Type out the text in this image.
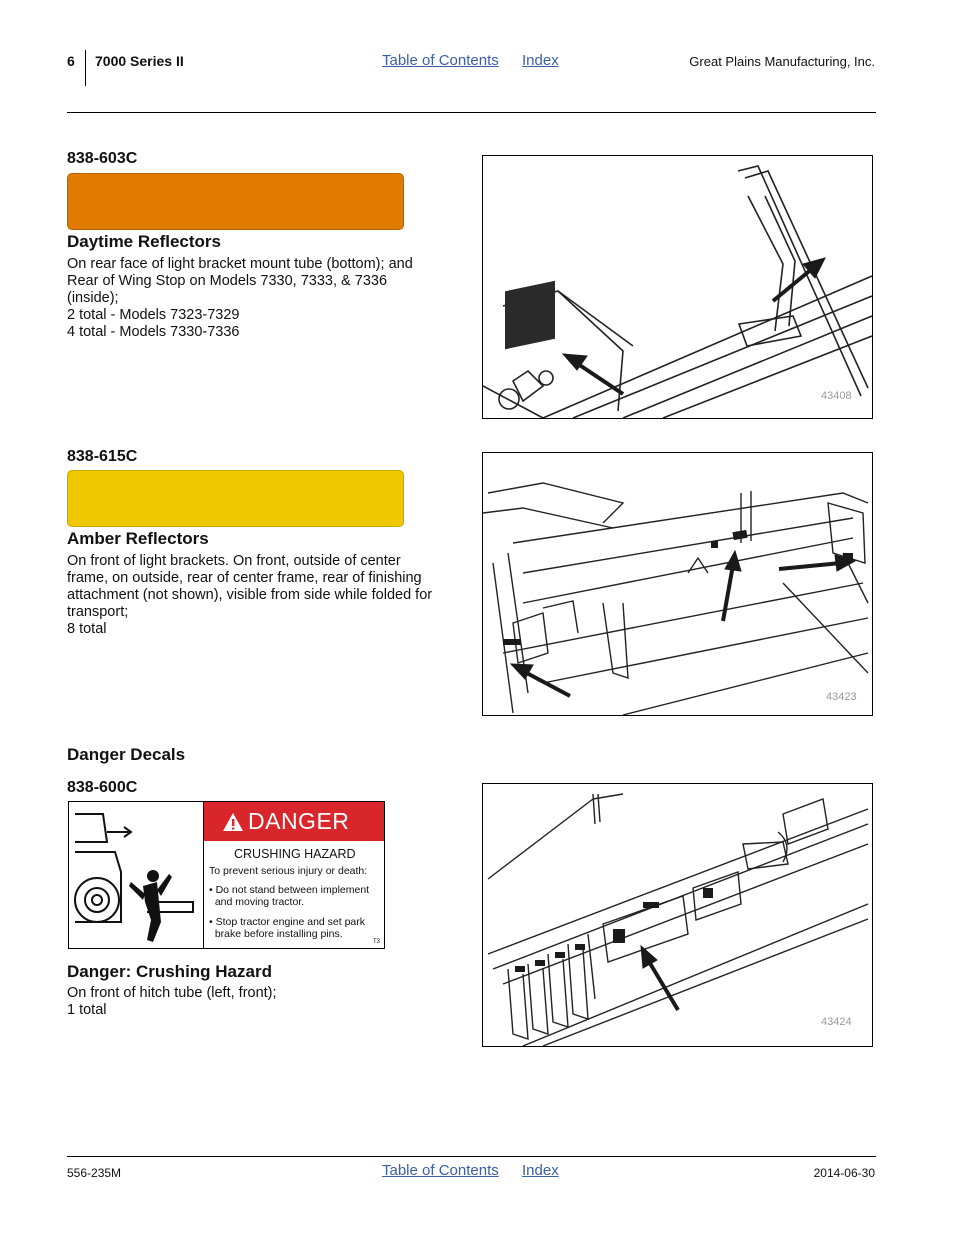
6 7000 Series II	Table of Contents Index	Great Plains Manufacturing, Inc.
838-603C
Daytime Reflectors
On rear face of light bracket mount tube (bottom); and
Rear of Wing Stop on Models 7330, 7333, & 7336
(inside);
2 total - Models 7323-7329
4 total - Models 7330-7336
43408
838-615C
Amber Reflectors
On front of light brackets. On front, outside of center
frame, on outside, rear of center frame, rear of finishing
attachment (not shown), visible from side while folded for
transport;
8 total
43423
Danger Decals
838-600C
DANGER
CRUSHING HAZARD
To prevent serious injury or death:
• Do not stand between implement
and moving tractor.
• Stop tractor engine and set park
brake before installing pins.
T3
Danger: Crushing Hazard
On front of hitch tube (left, front);
1 total
43424
556-235M	Table of Contents Index	2014-06-30
